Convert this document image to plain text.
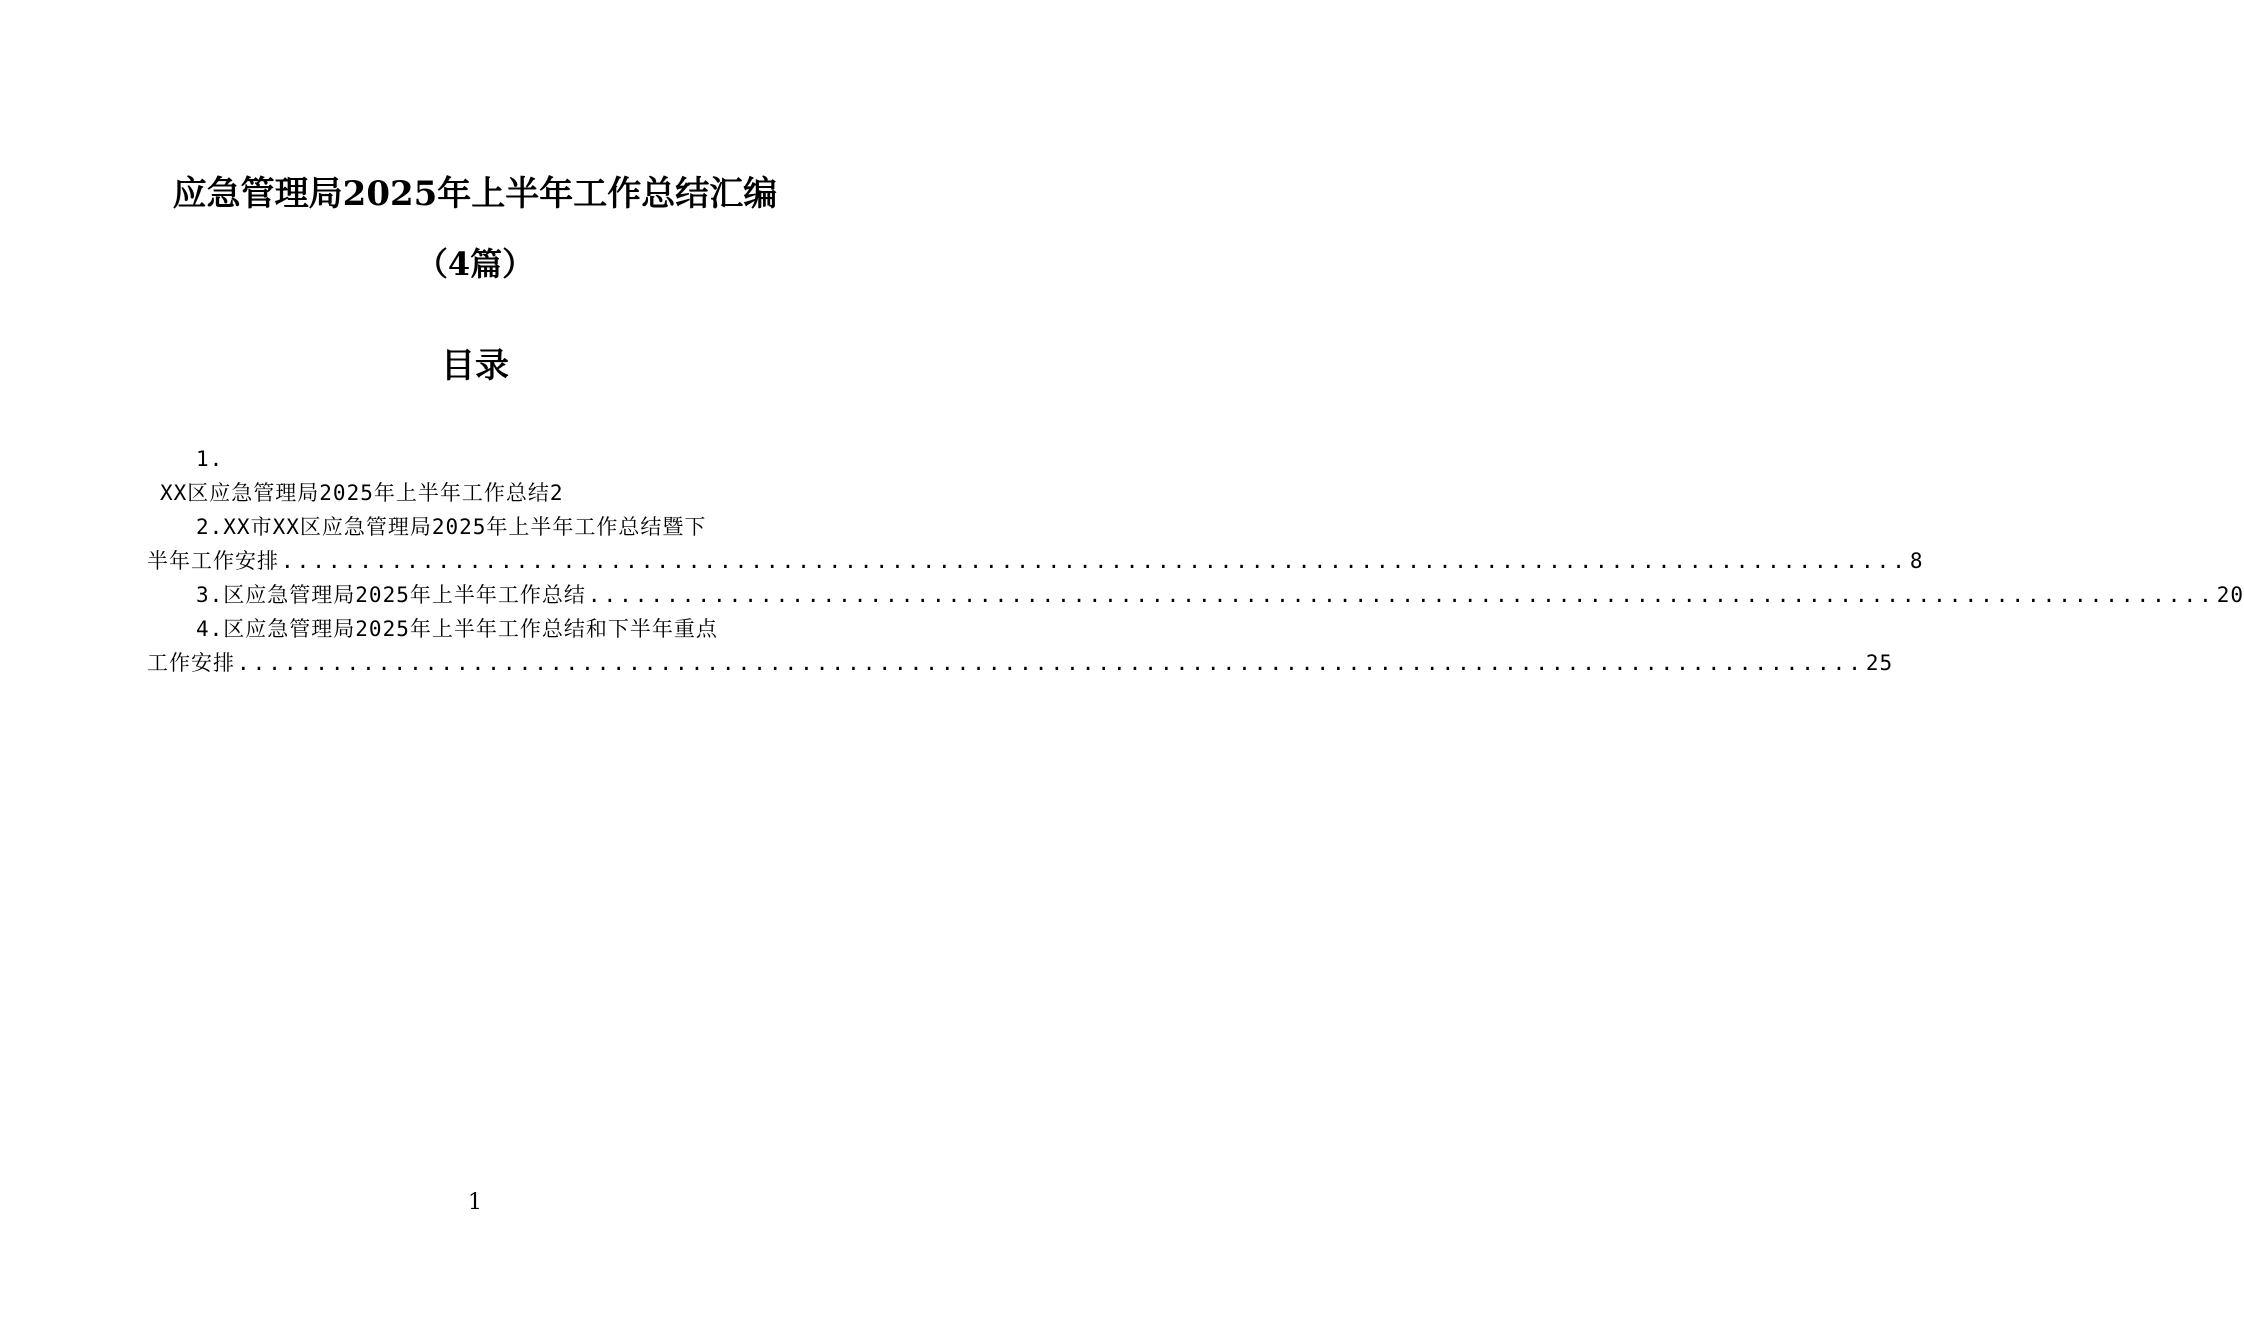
应急管理局2025年上半年工作总结汇编
（4篇）
目录
1.
XX区应急管理局2025年上半年工作总结2
2.XX市XX区应急管理局2025年上半年工作总结暨下
半年工作安排 ........................................................................................................ 8
3.区应急管理局2025年上半年工作总结 ........................................................................................................ 20
4.区应急管理局2025年上半年工作总结和下半年重点
工作安排 ........................................................................................................ 25
1
